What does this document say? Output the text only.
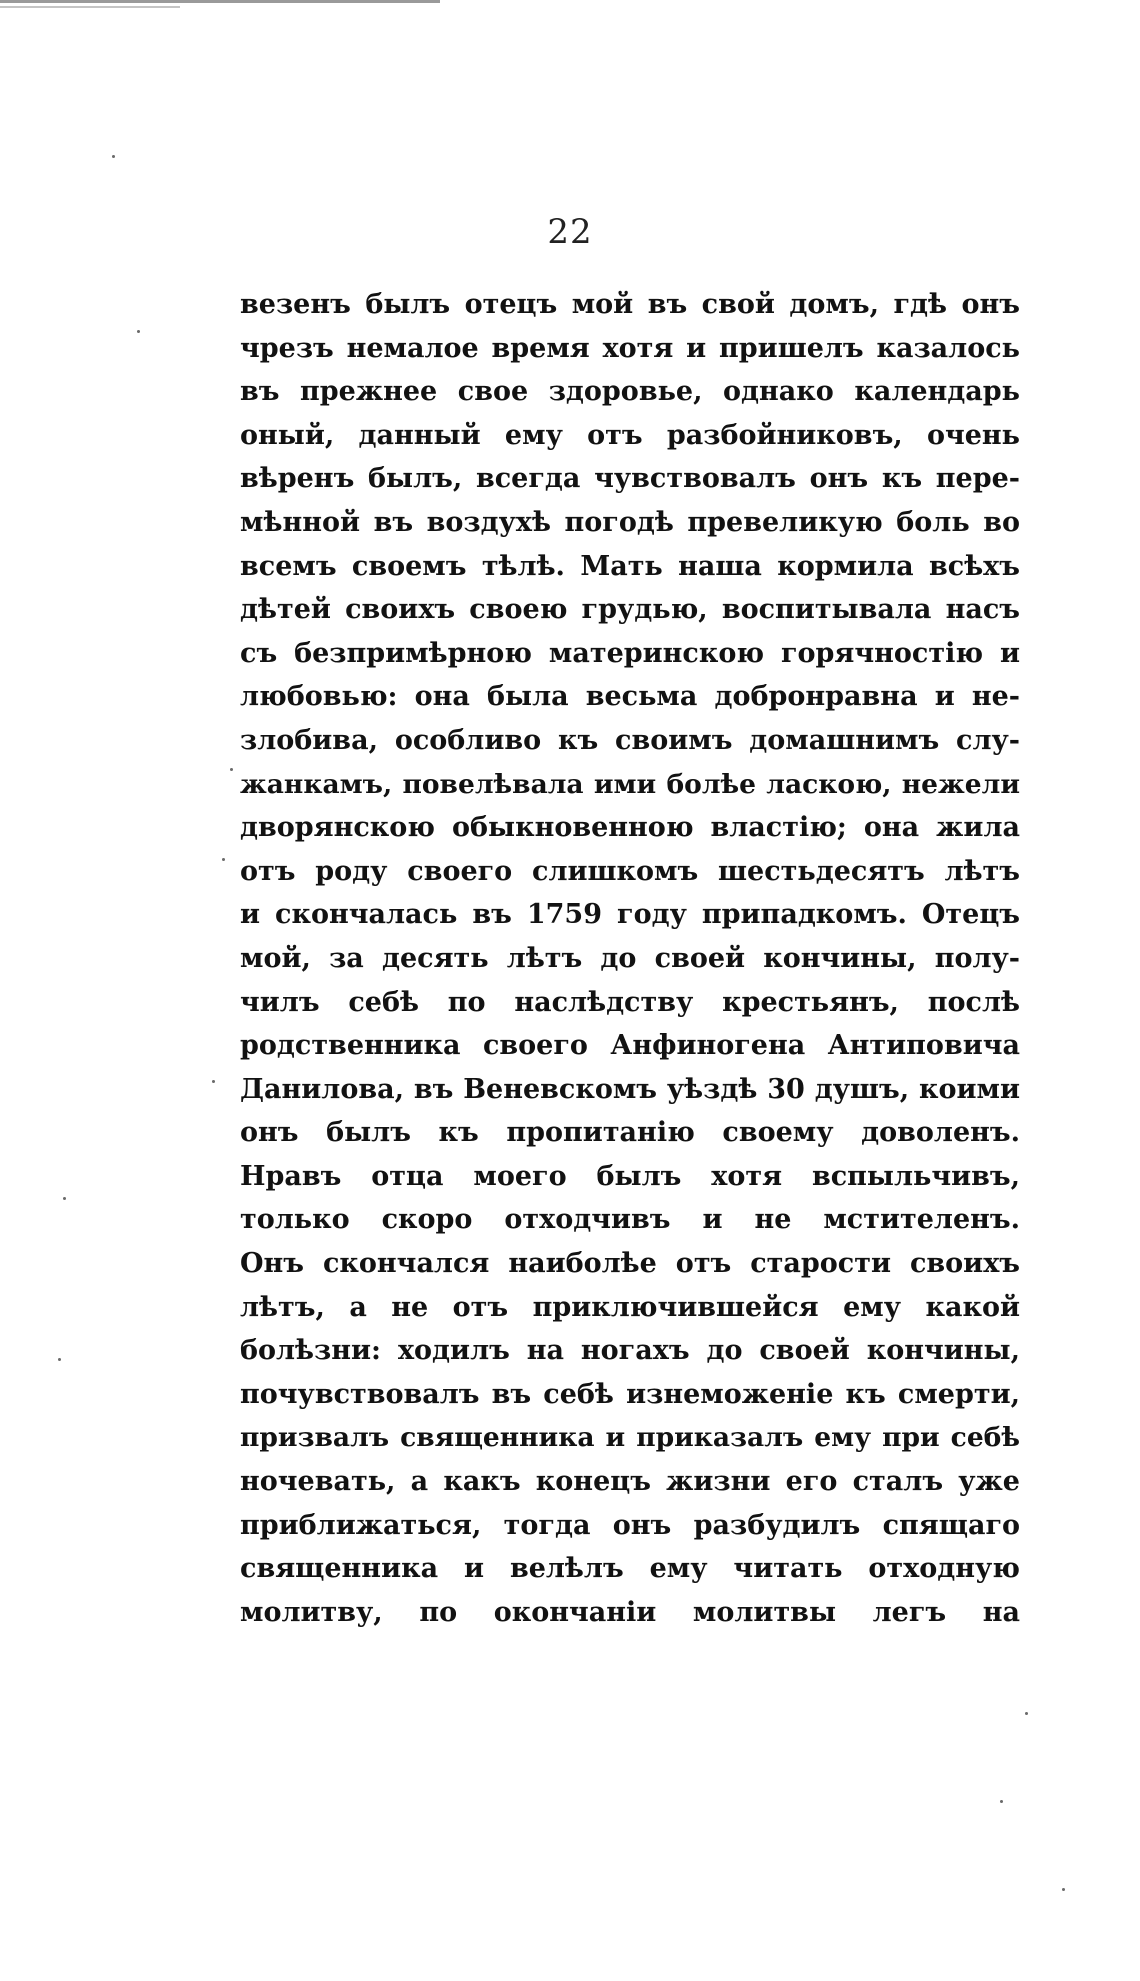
22
везенъ былъ отецъ мой въ свой домъ, гдѣ онъ
чрезъ немалое время хотя и пришелъ казалось
въ прежнее свое здоровье, однако календарь
оный, данный ему отъ разбойниковъ, очень
вѣренъ былъ, всегда чувствовалъ онъ къ пере-
мѣнной въ воздухѣ погодѣ превеликую боль во
всемъ своемъ тѣлѣ. Мать наша кормила всѣхъ
дѣтей своихъ своею грудью, воспитывала насъ
съ безпримѣрною материнскою горячностію и
любовью: она была весьма добронравна и не-
злобива, особливо къ своимъ домашнимъ слу-
жанкамъ, повелѣвала ими болѣе ласкою, нежели
дворянскою обыкновенною властію; она жила
отъ роду своего слишкомъ шестьдесятъ лѣтъ
и скончалась въ 1759 году припадкомъ. Отецъ
мой, за десять лѣтъ до своей кончины, полу-
чилъ себѣ по наслѣдству крестьянъ, послѣ
родственника своего Анфиногена Антиповича
Данилова, въ Веневскомъ уѣздѣ 30 душъ, коими
онъ былъ къ пропитанію своему доволенъ.
Нравъ отца моего былъ хотя вспыльчивъ,
только скоро отходчивъ и не мстителенъ.
Онъ скончался наиболѣе отъ старости своихъ
лѣтъ, а не отъ приключившейся ему какой
болѣзни: ходилъ на ногахъ до своей кончины,
почувствовалъ въ себѣ изнеможеніе къ смерти,
призвалъ священника и приказалъ ему при себѣ
ночевать, а какъ конецъ жизни его сталъ уже
приближаться, тогда онъ разбудилъ спящаго
священника и велѣлъ ему читать отходную
молитву, по окончаніи молитвы легъ на
